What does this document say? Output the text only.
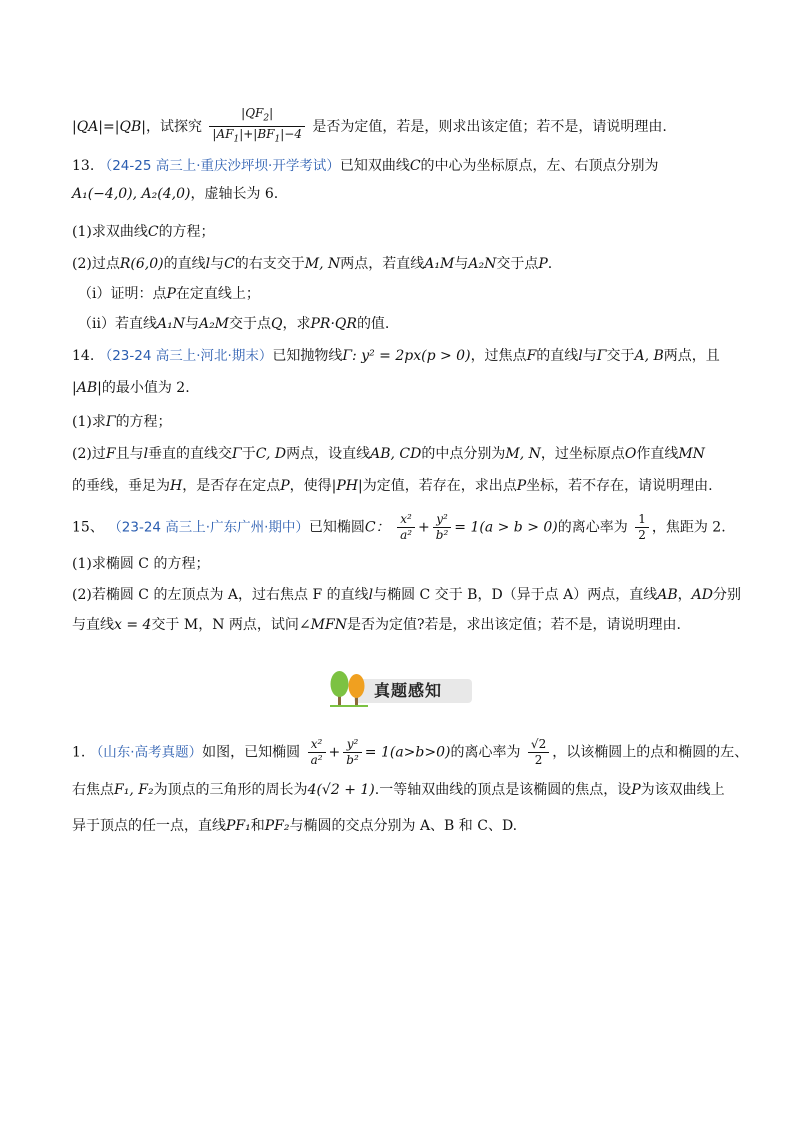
|QA|=|QB|，试探究 $\frac{|QF_2|}{|AF_1|+|BF_1|-4}$ 是否为定值，若是，则求出该定值；若不是，请说明理由.
13. （24-25 高三上·重庆沙坪坝·开学考试）已知双曲线C的中心为坐标原点，左、右顶点分别为
A₁(−4,0), A₂(4,0)，虚轴长为 6.
(1)求双曲线C的方程；
(2)过点R(6,0)的直线l与C的右支交于M, N两点，若直线A₁M与A₂N交于点P.
（i）证明：点P在定直线上；
（ii）若直线A₁N与A₂M交于点Q，求PR·QR的值.
14. （23-24 高三上·河北·期末）已知抛物线Γ: y² = 2px(p > 0)，过焦点F的直线l与Γ交于A, B两点，且
|AB|的最小值为 2.
(1)求Γ的方程；
(2)过F且与l垂直的直线交Γ于C, D两点，设直线AB, CD的中点分别为M, N，过坐标原点O作直线MN
的垂线，垂足为H，是否存在定点P，使得|PH|为定值，若存在，求出点P坐标，若不存在，请说明理由.
15、 （23-24 高三上·广东广州·期中）已知椭圆C： $\frac{\text{x²}}{\text{a²}} + \frac{\text{y²}}{\text{b²}} = 1(a > b > 0)$的离心率为 $\frac{1}{2}$ ，焦距为 2.
(1)求椭圆 C 的方程；
(2)若椭圆 C 的左顶点为 A，过右焦点 F 的直线l与椭圆 C 交于 B，D（异于点 A）两点，直线AB，AD分别
与直线x = 4交于 M，N 两点，试问∠MFN是否为定值?若是，求出该定值；若不是，请说明理由.
真题感知
1. （山东·高考真题）如图，已知椭圆 $\frac{\text{x²}}{\text{a²}} + \frac{\text{y²}}{\text{b²}} = 1(a>b>0)$的离心率为 $\frac{√2}{2}$ ，以该椭圆上的点和椭圆的左、
右焦点F₁, F₂为顶点的三角形的周长为4(√2 + 1).一等轴双曲线的顶点是该椭圆的焦点，设P为该双曲线上
异于顶点的任一点，直线PF₁和PF₂与椭圆的交点分别为 A、B 和 C、D.
